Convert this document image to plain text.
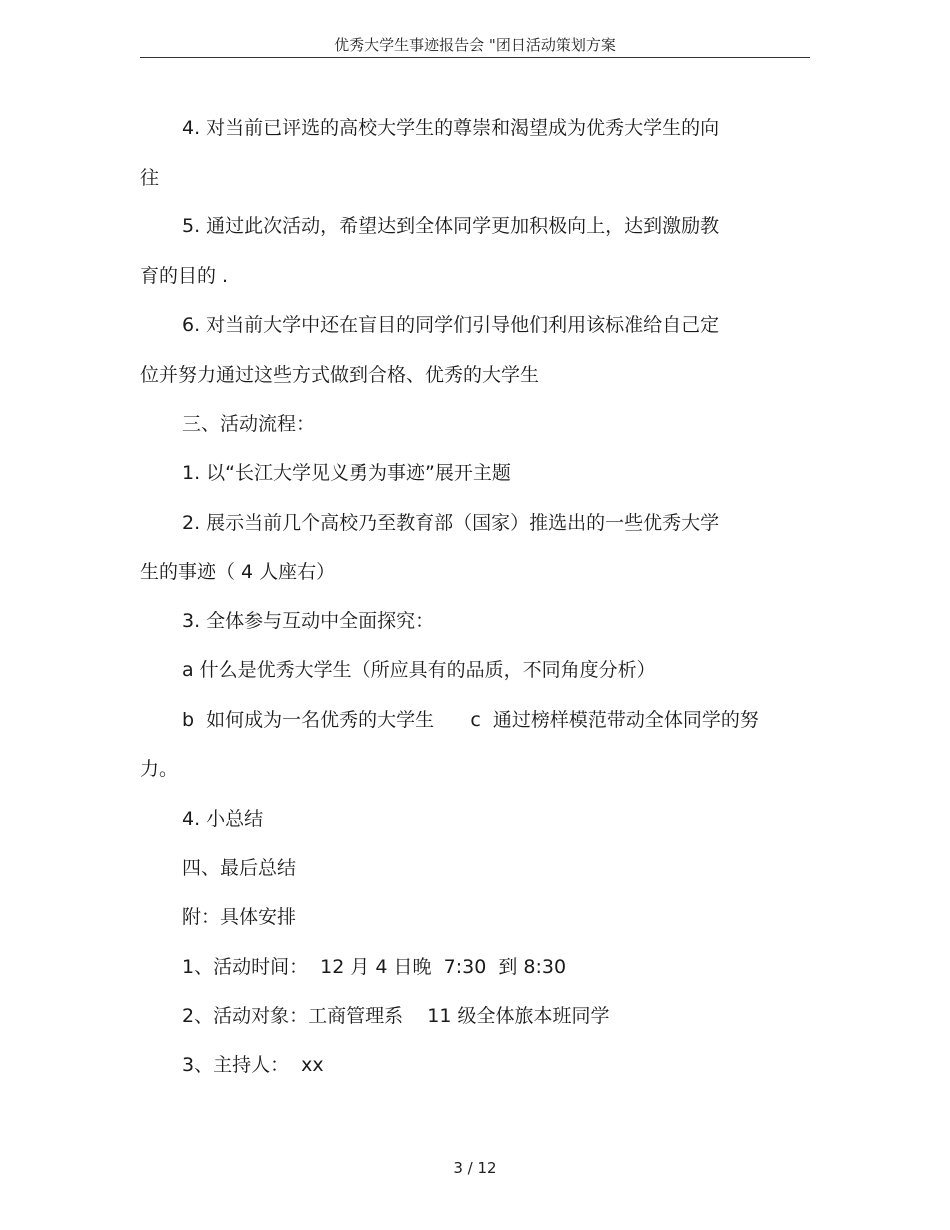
优秀大学生事迹报告会 "团日活动策划方案
4. 对当前已评选的高校大学生的尊崇和渴望成为优秀大学生的向
往
5. 通过此次活动，希望达到全体同学更加积极向上，达到激励教
育的目的 .
6. 对当前大学中还在盲目的同学们引导他们利用该标准给自己定
位并努力通过这些方式做到合格、优秀的大学生
三、活动流程：
1. 以“长江大学见义勇为事迹”展开主题
2. 展示当前几个高校乃至教育部（国家）推选出的一些优秀大学
生的事迹（ 4 人座右）
3. 全体参与互动中全面探究：
a 什么是优秀大学生（所应具有的品质，不同角度分析）
b  如何成为一名优秀的大学生      c  通过榜样模范带动全体同学的努
力。
4. 小总结
四、最后总结
附：具体安排
1、活动时间：  12 月 4 日晚  7:30  到 8:30
2、活动对象：工商管理系    11 级全体旅本班同学
3、主持人：  xx
3 / 12
